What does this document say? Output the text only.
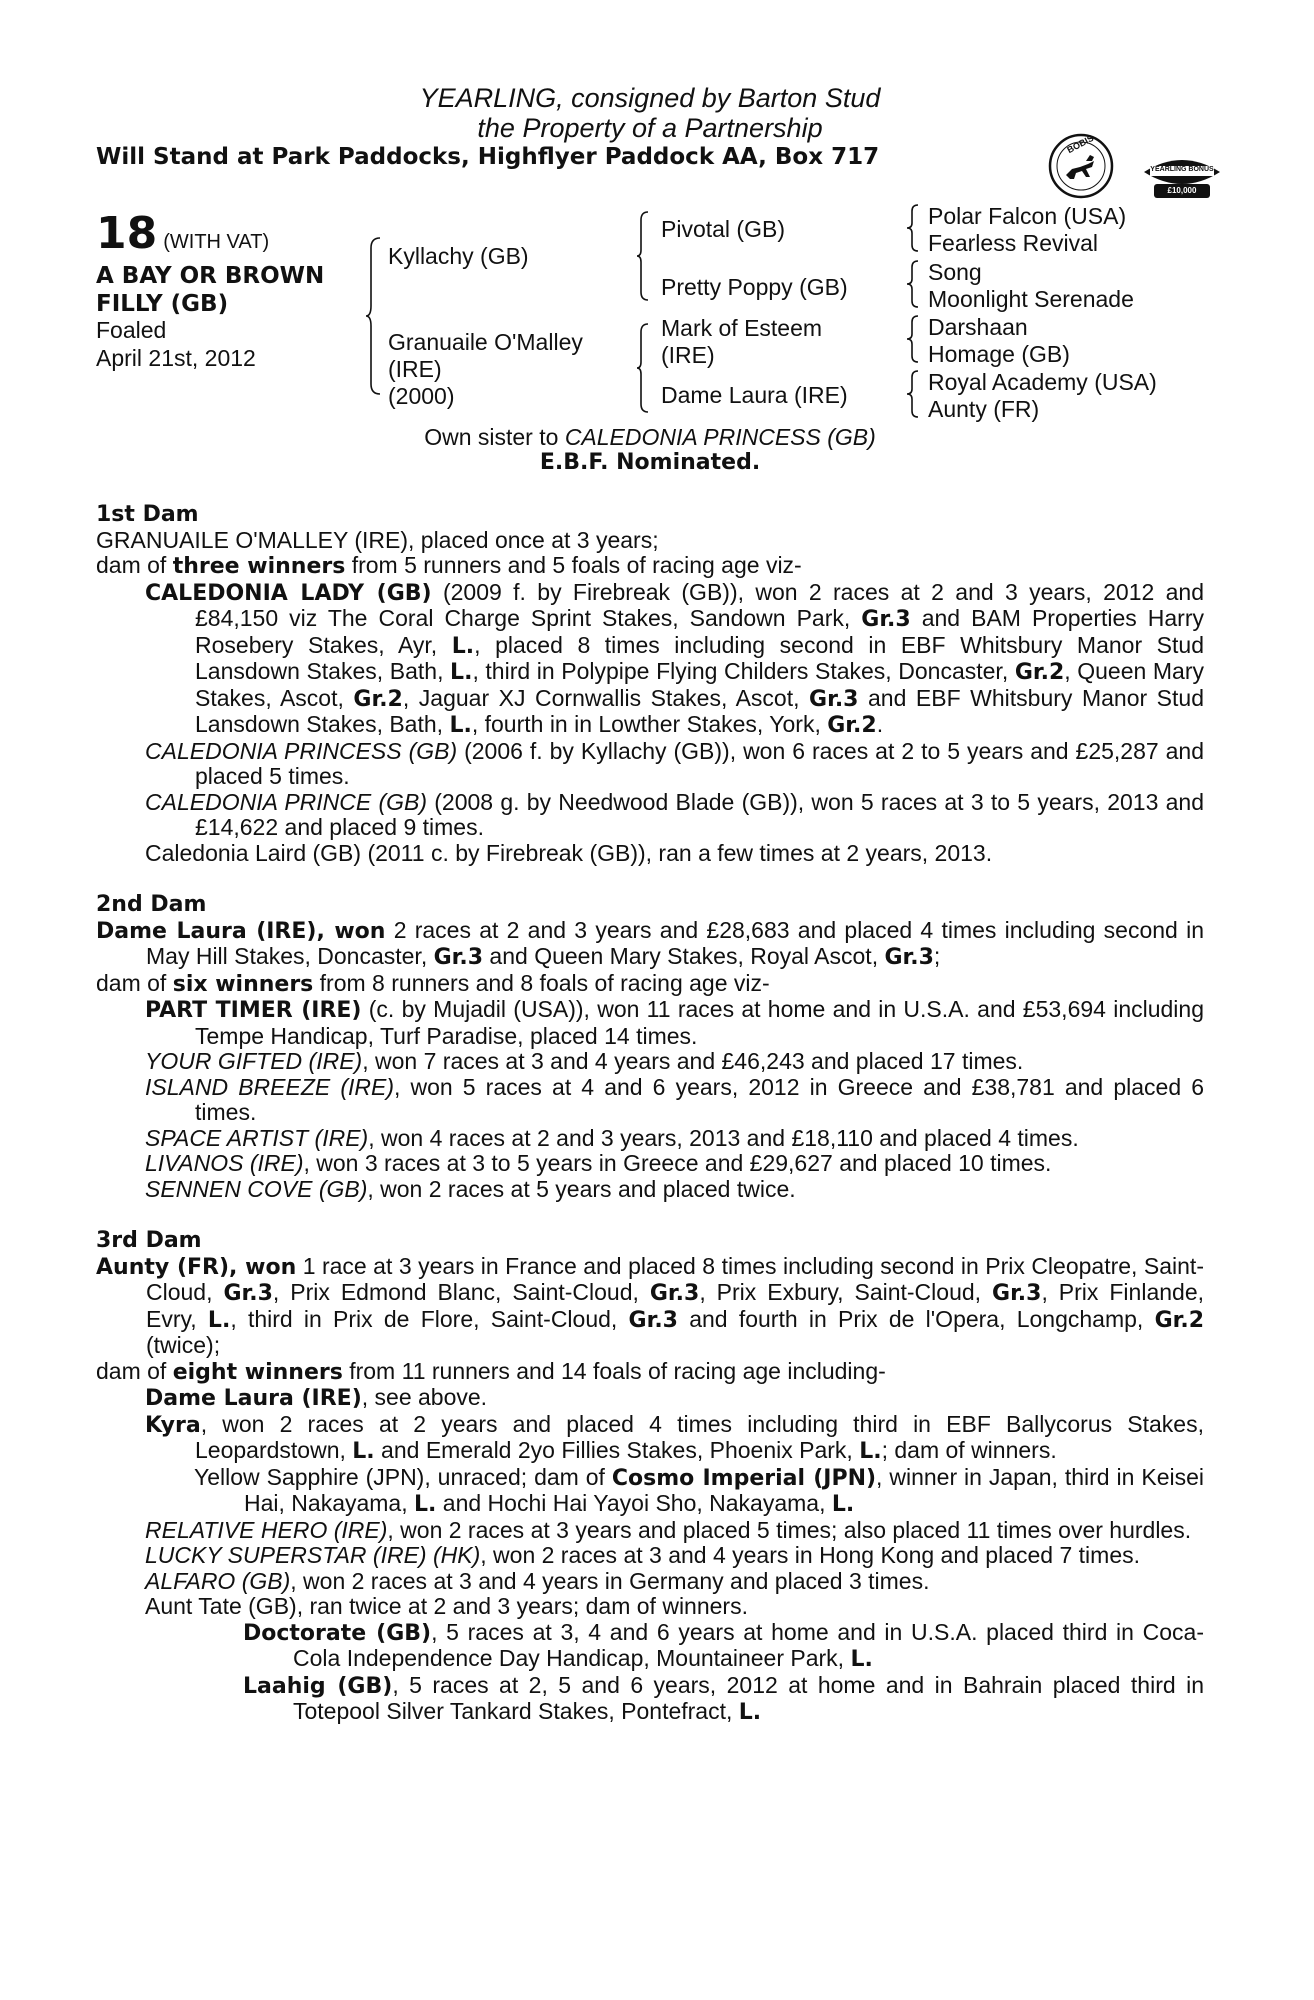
YEARLING, consigned by Barton Stud
the Property of a Partnership
Will Stand at Park Paddocks, Highflyer Paddock AA, Box 717	BOBIS
RACING POST
YEARLING BONUS
£10,000
18 (WITH VAT)
A BAY OR BROWN
FILLY (GB)
Foaled
April 21st, 2012
Kyllachy (GB)
Granuaile O'Malley
(IRE)
(2000)
Pivotal (GB)
Pretty Poppy (GB)
Mark of Esteem
(IRE)
Dame Laura (IRE)
Polar Falcon (USA)
Fearless Revival
Song
Moonlight Serenade
Darshaan
Homage (GB)
Royal Academy (USA)
Aunty (FR)
Own sister to CALEDONIA PRINCESS (GB)
E.B.F. Nominated.
1st Dam
GRANUAILE O'MALLEY (IRE), placed once at 3 years;
dam of three winners from 5 runners and 5 foals of racing age viz-
CALEDONIA LADY (GB) (2009 f. by Firebreak (GB)), won 2 races at 2 and 3 years, 2012 and £84,150 viz The Coral Charge Sprint Stakes, Sandown Park, Gr.3 and BAM Properties Harry Rosebery Stakes, Ayr, L., placed 8 times including second in EBF Whitsbury Manor Stud Lansdown Stakes, Bath, L., third in Polypipe Flying Childers Stakes, Doncaster, Gr.2, Queen Mary Stakes, Ascot, Gr.2, Jaguar XJ Cornwallis Stakes, Ascot, Gr.3 and EBF Whitsbury Manor Stud Lansdown Stakes, Bath, L., fourth in in Lowther Stakes, York, Gr.2.
CALEDONIA PRINCESS (GB) (2006 f. by Kyllachy (GB)), won 6 races at 2 to 5 years and £25,287 and placed 5 times.
CALEDONIA PRINCE (GB) (2008 g. by Needwood Blade (GB)), won 5 races at 3 to 5 years, 2013 and £14,622 and placed 9 times.
Caledonia Laird (GB) (2011 c. by Firebreak (GB)), ran a few times at 2 years, 2013.
2nd Dam
Dame Laura (IRE), won 2 races at 2 and 3 years and £28,683 and placed 4 times including second in May Hill Stakes, Doncaster, Gr.3 and Queen Mary Stakes, Royal Ascot, Gr.3;
dam of six winners from 8 runners and 8 foals of racing age viz-
PART TIMER (IRE) (c. by Mujadil (USA)), won 11 races at home and in U.S.A. and £53,694 including Tempe Handicap, Turf Paradise, placed 14 times.
YOUR GIFTED (IRE), won 7 races at 3 and 4 years and £46,243 and placed 17 times.
ISLAND BREEZE (IRE), won 5 races at 4 and 6 years, 2012 in Greece and £38,781 and placed 6 times.
SPACE ARTIST (IRE), won 4 races at 2 and 3 years, 2013 and £18,110 and placed 4 times.
LIVANOS (IRE), won 3 races at 3 to 5 years in Greece and £29,627 and placed 10 times.
SENNEN COVE (GB), won 2 races at 5 years and placed twice.
3rd Dam
Aunty (FR), won 1 race at 3 years in France and placed 8 times including second in Prix Cleopatre, Saint-Cloud, Gr.3, Prix Edmond Blanc, Saint-Cloud, Gr.3, Prix Exbury, Saint-Cloud, Gr.3, Prix Finlande, Evry, L., third in Prix de Flore, Saint-Cloud, Gr.3 and fourth in Prix de l'Opera, Longchamp, Gr.2 (twice);
dam of eight winners from 11 runners and 14 foals of racing age including-
Dame Laura (IRE), see above.
Kyra, won 2 races at 2 years and placed 4 times including third in EBF Ballycorus Stakes, Leopardstown, L. and Emerald 2yo Fillies Stakes, Phoenix Park, L.; dam of winners.
Yellow Sapphire (JPN), unraced; dam of Cosmo Imperial (JPN), winner in Japan, third in Keisei Hai, Nakayama, L. and Hochi Hai Yayoi Sho, Nakayama, L.
RELATIVE HERO (IRE), won 2 races at 3 years and placed 5 times; also placed 11 times over hurdles.
LUCKY SUPERSTAR (IRE) (HK), won 2 races at 3 and 4 years in Hong Kong and placed 7 times.
ALFARO (GB), won 2 races at 3 and 4 years in Germany and placed 3 times.
Aunt Tate (GB), ran twice at 2 and 3 years; dam of winners.
Doctorate (GB), 5 races at 3, 4 and 6 years at home and in U.S.A. placed third in Coca-Cola Independence Day Handicap, Mountaineer Park, L.
Laahig (GB), 5 races at 2, 5 and 6 years, 2012 at home and in Bahrain placed third in Totepool Silver Tankard Stakes, Pontefract, L.
